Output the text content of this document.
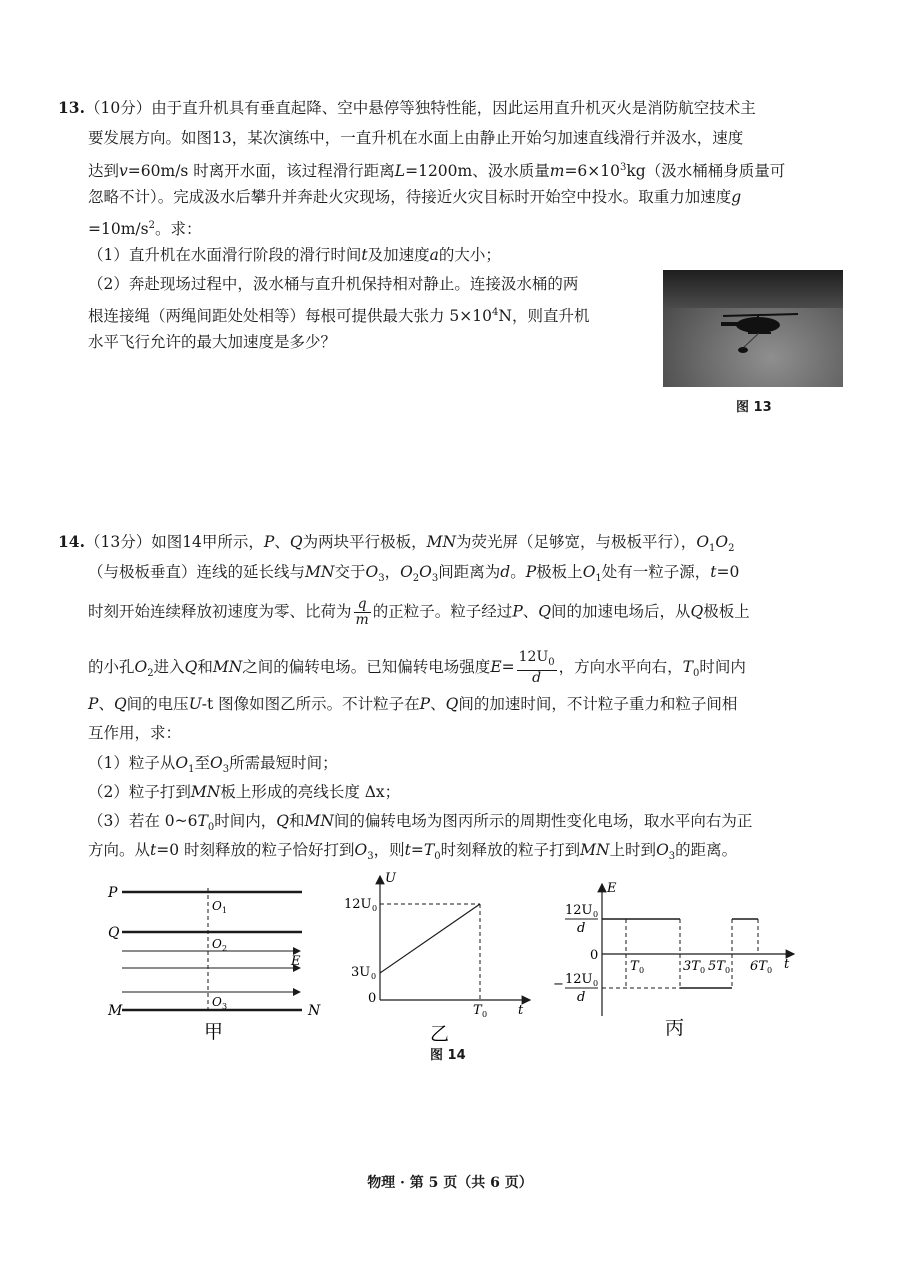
13.（10分）由于直升机具有垂直起降、空中悬停等独特性能，因此运用直升机灭火是消防航空技术主
要发展方向。如图13，某次演练中，一直升机在水面上由静止开始匀加速直线滑行并汲水，速度
达到v=60m/s 时离开水面，该过程滑行距离L=1200m、汲水质量$m=6\times 10^3kg$（汲水桶桶身质量可
忽略不计）。完成汲水后攀升并奔赴火灾现场，待接近火灾目标时开始空中投水。取重力加速度g
$=10m/s^2$。求：
（1）直升机在水面滑行阶段的滑行时间t及加速度a的大小；
（2）奔赴现场过程中，汲水桶与直升机保持相对静止。连接汲水桶的两
根连接绳（两绳间距处处相等）每根可提供最大张力 $5\times 10^4N$，则直升机
水平飞行允许的最大加速度是多少？
图 13
14.（13分）如图14甲所示，P、Q为两块平行极板，MN为荧光屏（足够宽，与极板平行），$O_1O_2$
（与极板垂直）连线的延长线与MN交于$O_3$，$O_2O_3$间距离为d。P极板上$O_1$处有一粒子源，t=0
时刻开始连续释放初速度为零、比荷为 $\frac{q}{m}$ 的正粒子。粒子经过P、Q间的加速电场后，从Q极板上
的小孔$O_2$进入Q和MN之间的偏转电场。已知偏转电场强度$E= \frac{12U_0}{d}$ ，方向水平向右，$T_0$时间内
P、Q间的电压U-t 图像如图乙所示。不计粒子在P、Q间的加速时间，不计粒子重力和粒子间相
互作用，求：
（1）粒子从$O_1$至$O_3$所需最短时间；
（2）粒子打到MN板上形成的亮线长度 Δx；
（3）若在 $0\sim 6T_0$时间内，Q和MN间的偏转电场为图丙所示的周期性变化电场，取水平向右为正
方向。从t=0 时刻释放的粒子恰好打到$O_3$，则$t=T_0$时刻释放的粒子打到MN上时到$O_3$的距离。
P
Q
M	N
E
O 1
O 2
O 3
甲
U
12U 0
3U 0
0
T 0 t
乙
E
12U 0
d
0
− 12U 0
d
T 0	3T 0 5T 0 6T 0 t
丙
图 14
物理 · 第 5 页（共 6 页）
